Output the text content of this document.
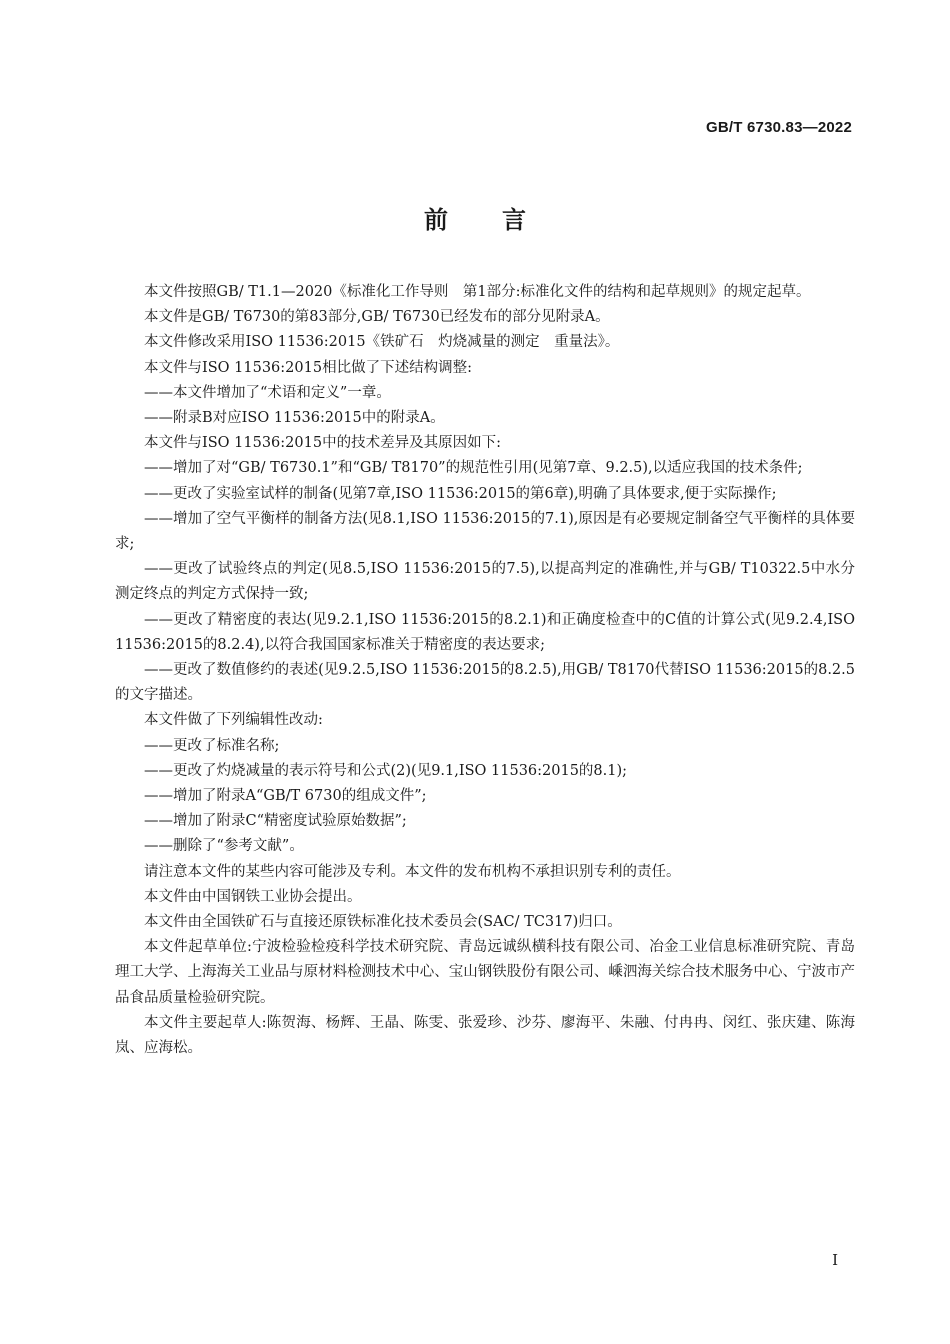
GB/T 6730.83—2022
前言

本文件按照GB/ T1.1—2020《标准化工作导则　第1部分:标准化文件的结构和起草规则》的规定起草。

本文件是GB/ T6730的第83部分,GB/ T6730已经发布的部分见附录A。

本文件修改采用ISO 11536:2015《铁矿石　灼烧减量的测定　重量法》。

本文件与ISO 11536:2015相比做了下述结构调整:

——本文件增加了“术语和定义”一章。

——附录B对应ISO 11536:2015中的附录A。

本文件与ISO 11536:2015中的技术差异及其原因如下:

——增加了对“GB/ T6730.1”和“GB/ T8170”的规范性引用(见第7章、9.2.5),以适应我国的技术条件;

——更改了实验室试样的制备(见第7章,ISO 11536:2015的第6章),明确了具体要求,便于实际操作;

——增加了空气平衡样的制备方法(见8.1,ISO 11536:2015的7.1),原因是有必要规定制备空气平衡样的具体要求;

——更改了试验终点的判定(见8.5,ISO 11536:2015的7.5),以提高判定的准确性,并与GB/ T10322.5中水分测定终点的判定方式保持一致;

——更改了精密度的表达(见9.2.1,ISO 11536:2015的8.2.1)和正确度检查中的C值的计算公式(见9.2.4,ISO 11536:2015的8.2.4),以符合我国国家标准关于精密度的表达要求;

——更改了数值修约的表述(见9.2.5,ISO 11536:2015的8.2.5),用GB/ T8170代替ISO 11536:2015的8.2.5的文字描述。

本文件做了下列编辑性改动:

——更改了标准名称;

——更改了灼烧减量的表示符号和公式(2)(见9.1,ISO 11536:2015的8.1);

——增加了附录A“GB/T 6730的组成文件”;

——增加了附录C“精密度试验原始数据”;

——删除了“参考文献”。

请注意本文件的某些内容可能涉及专利。本文件的发布机构不承担识别专利的责任。

本文件由中国钢铁工业协会提出。

本文件由全国铁矿石与直接还原铁标准化技术委员会(SAC/ TC317)归口。

本文件起草单位:宁波检验检疫科学技术研究院、青岛远诚纵横科技有限公司、冶金工业信息标准研究院、青岛理工大学、上海海关工业品与原材料检测技术中心、宝山钢铁股份有限公司、嵊泗海关综合技术服务中心、宁波市产品食品质量检验研究院。

本文件主要起草人:陈贺海、杨辉、王晶、陈雯、张爱珍、沙芬、廖海平、朱融、付冉冉、闵红、张庆建、陈海岚、应海松。

I
